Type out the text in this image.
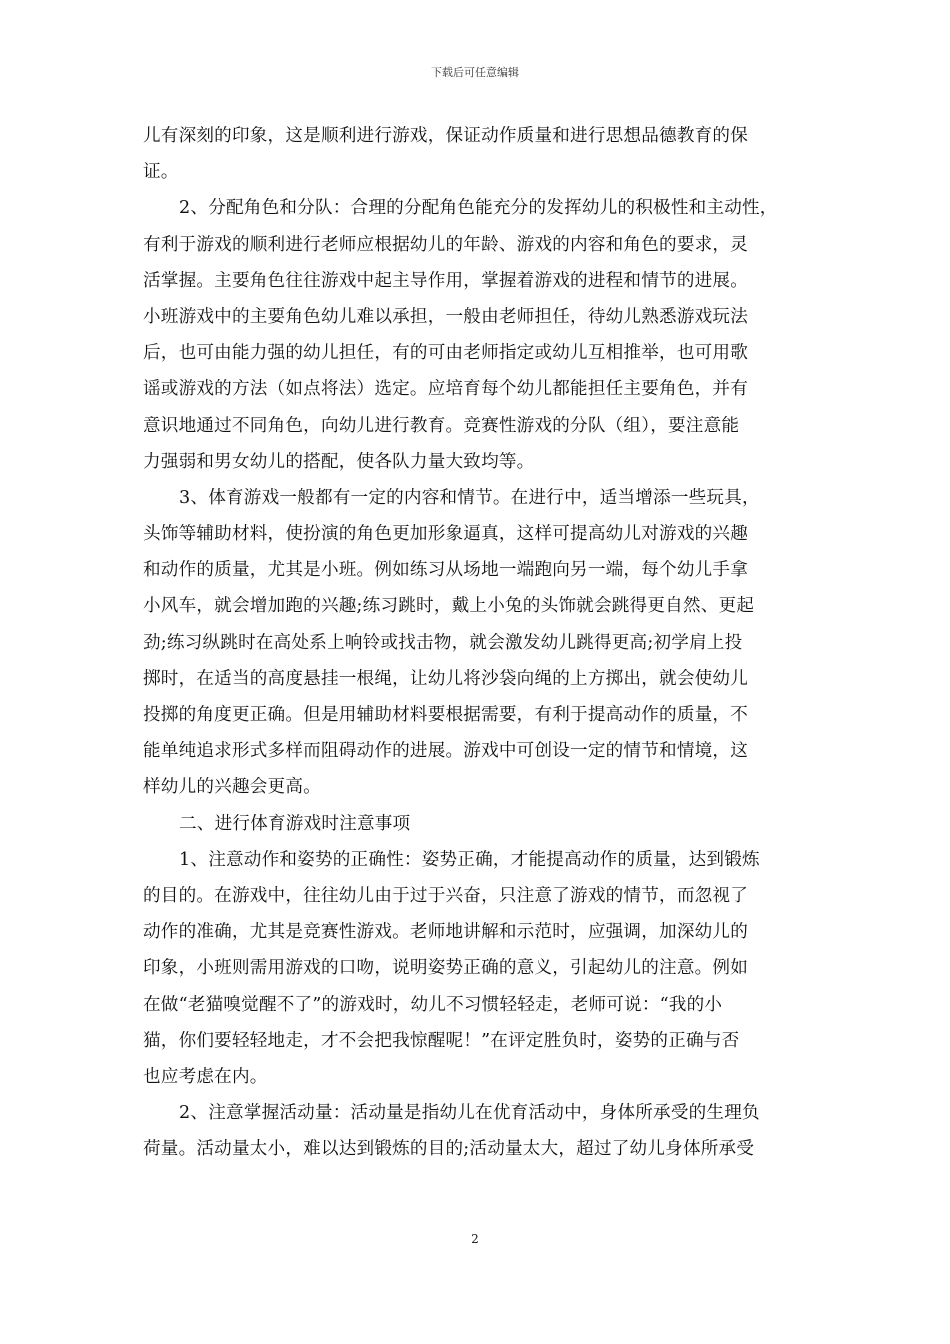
下载后可任意编辑
儿有深刻的印象，这是顺利进行游戏，保证动作质量和进行思想品德教育的保
证。
2、分配角色和分队：合理的分配角色能充分的发挥幼儿的积极性和主动性，
有利于游戏的顺利进行老师应根据幼儿的年龄、游戏的内容和角色的要求，灵
活掌握。主要角色往往游戏中起主导作用，掌握着游戏的进程和情节的进展。
小班游戏中的主要角色幼儿难以承担，一般由老师担任，待幼儿熟悉游戏玩法
后，也可由能力强的幼儿担任，有的可由老师指定或幼儿互相推举，也可用歌
谣或游戏的方法（如点将法）选定。应培育每个幼儿都能担任主要角色，并有
意识地通过不同角色，向幼儿进行教育。竞赛性游戏的分队（组），要注意能
力强弱和男女幼儿的搭配，使各队力量大致均等。
3、体育游戏一般都有一定的内容和情节。在进行中，适当增添一些玩具，
头饰等辅助材料，使扮演的角色更加形象逼真，这样可提高幼儿对游戏的兴趣
和动作的质量，尤其是小班。例如练习从场地一端跑向另一端，每个幼儿手拿
小风车，就会增加跑的兴趣;练习跳时，戴上小兔的头饰就会跳得更自然、更起
劲;练习纵跳时在高处系上响铃或找击物，就会激发幼儿跳得更高;初学肩上投
掷时，在适当的高度悬挂一根绳，让幼儿将沙袋向绳的上方掷出，就会使幼儿
投掷的角度更正确。但是用辅助材料要根据需要，有利于提高动作的质量，不
能单纯追求形式多样而阻碍动作的进展。游戏中可创设一定的情节和情境，这
样幼儿的兴趣会更高。
二、进行体育游戏时注意事项
1、注意动作和姿势的正确性：姿势正确，才能提高动作的质量，达到锻炼
的目的。在游戏中，往往幼儿由于过于兴奋，只注意了游戏的情节，而忽视了
动作的准确，尤其是竞赛性游戏。老师地讲解和示范时，应强调，加深幼儿的
印象，小班则需用游戏的口吻，说明姿势正确的意义，引起幼儿的注意。例如
在做“老猫嗅觉醒不了”的游戏时，幼儿不习惯轻轻走，老师可说：“我的小
猫，你们要轻轻地走，才不会把我惊醒呢！”在评定胜负时，姿势的正确与否
也应考虑在内。
2、注意掌握活动量：活动量是指幼儿在优育活动中，身体所承受的生理负
荷量。活动量太小，难以达到锻炼的目的;活动量太大，超过了幼儿身体所承受
2
